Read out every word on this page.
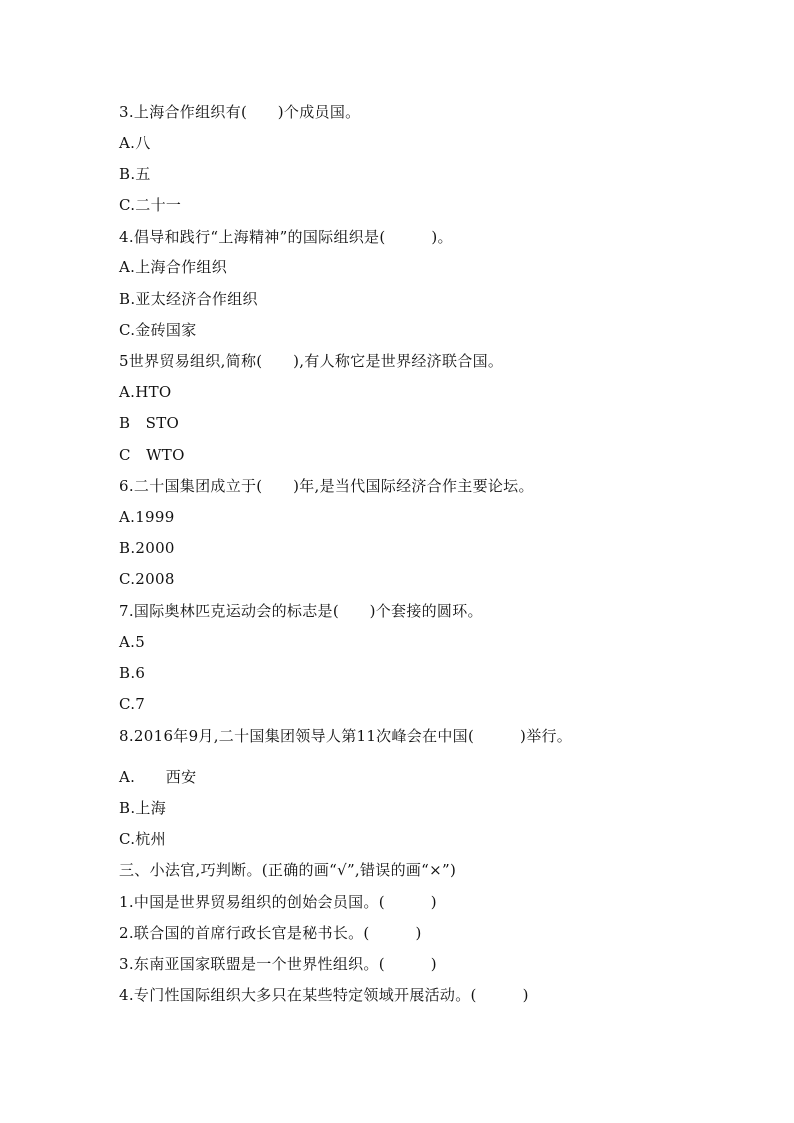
3.上海合作组织有(　　)个成员国。
A.八
B.五
C.二十一
4.倡导和践行“上海精神”的国际组织是(　　　)。
A.上海合作组织
B.亚太经济合作组织
C.金砖国家
5世界贸易组织,简称(　　),有人称它是世界经济联合国。
A.HTO
B　STO
C　WTO
6.二十国集团成立于(　　)年,是当代国际经济合作主要论坛。
A.1999
B.2000
C.2008
7.国际奥林匹克运动会的标志是(　　)个套接的圆环。
A.5
B.6
C.7
8.2016年9月,二十国集团领导人第11次峰会在中国(　　　)举行。
A.　　西安
B.上海
C.杭州
三、小法官,巧判断。(正确的画“√”,错误的画“×”)
1.中国是世界贸易组织的创始会员国。(　　　)
2.联合国的首席行政长官是秘书长。(　　　)
3.东南亚国家联盟是一个世界性组织。(　　　)
4.专门性国际组织大多只在某些特定领域开展活动。(　　　)
